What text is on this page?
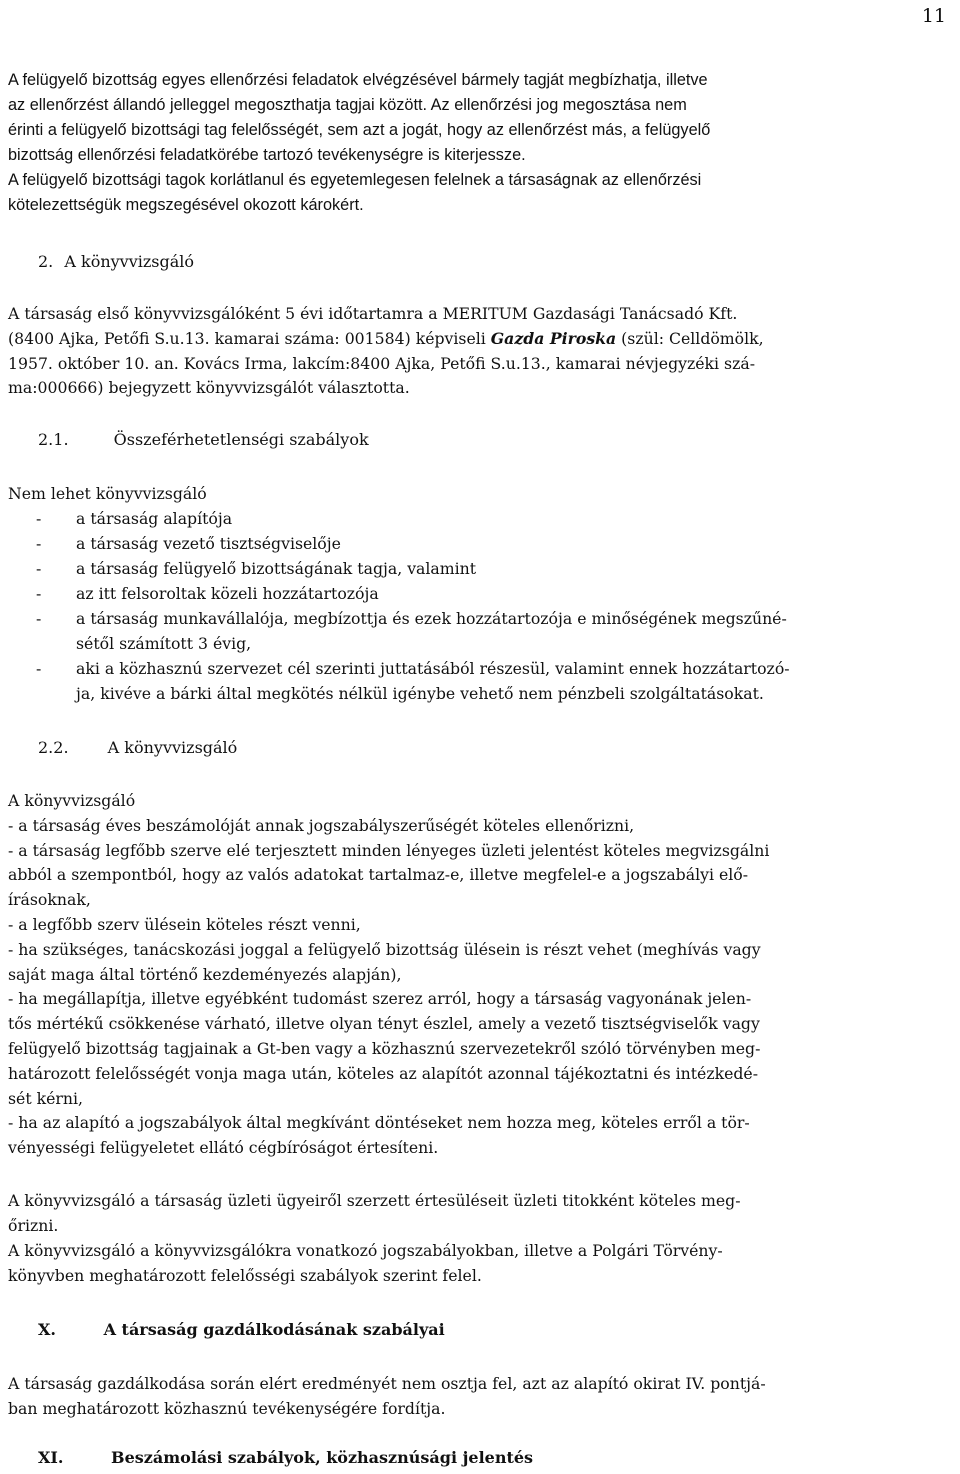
11
A felügyelő bizottság egyes ellenőrzési feladatok elvégzésével bármely tagját megbízhatja, illetve
az ellenőrzést állandó jelleggel megoszthatja tagjai között. Az ellenőrzési jog megosztása nem
érinti a felügyelő bizottsági tag felelősségét, sem azt a jogát, hogy az ellenőrzést más, a felügyelő
bizottság ellenőrzési feladatkörébe tartozó tevékenységre is kiterjessze.
A felügyelő bizottsági tagok korlátlanul és egyetemlegesen felelnek a társaságnak az ellenőrzési
kötelezettségük megszegésével okozott károkért.
2. A könyvvizsgáló
A társaság első könyvvizsgálóként 5 évi időtartamra a MERITUM Gazdasági Tanácsadó Kft.
(8400 Ajka, Petőfi S.u.13. kamarai száma: 001584) képviseli Gazda Piroska (szül: Celldömölk,
1957. október 10. an. Kovács Irma, lakcím:8400 Ajka, Petőfi S.u.13., kamarai névjegyzéki szá-
ma:000666) bejegyzett könyvvizsgálót választotta.
2.1.	Összeférhetetlenségi szabályok
Nem lehet könyvvizsgáló
- a társaság alapítója
- a társaság vezető tisztségviselője
- a társaság felügyelő bizottságának tagja, valamint
- az itt felsoroltak közeli hozzátartozója
- a társaság munkavállalója, megbízottja és ezek hozzátartozója e minőségének megszűné-
sétől számított 3 évig,
- aki a közhasznú szervezet cél szerinti juttatásából részesül, valamint ennek hozzátartozó-
ja, kivéve a bárki által megkötés nélkül igénybe vehető nem pénzbeli szolgáltatásokat.
2.2. A könyvvizsgáló
A könyvvizsgáló
- a társaság éves beszámolóját annak jogszabályszerűségét köteles ellenőrizni,
- a társaság legfőbb szerve elé terjesztett minden lényeges üzleti jelentést köteles megvizsgálni
abból a szempontból, hogy az valós adatokat tartalmaz-e, illetve megfelel-e a jogszabályi elő-
írásoknak,
- a legfőbb szerv ülésein köteles részt venni,
- ha szükséges, tanácskozási joggal a felügyelő bizottság ülésein is részt vehet (meghívás vagy
saját maga által történő kezdeményezés alapján),
- ha megállapítja, illetve egyébként tudomást szerez arról, hogy a társaság vagyonának jelen-
tős mértékű csökkenése várható, illetve olyan tényt észlel, amely a vezető tisztségviselők vagy
felügyelő bizottság tagjainak a Gt-ben vagy a közhasznú szervezetekről szóló törvényben meg-
határozott felelősségét vonja maga után, köteles az alapítót azonnal tájékoztatni és intézkedé-
sét kérni,
- ha az alapító a jogszabályok által megkívánt döntéseket nem hozza meg, köteles erről a tör-
vényességi felügyeletet ellátó cégbíróságot értesíteni.
A könyvvizsgáló a társaság üzleti ügyeiről szerzett értesüléseit üzleti titokként köteles meg-
őrizni.
A könyvvizsgáló a könyvvizsgálókra vonatkozó jogszabályokban, illetve a Polgári Törvény-
könyvben meghatározott felelősségi szabályok szerint felel.
X.	A társaság gazdálkodásának szabályai
A társaság gazdálkodása során elért eredményét nem osztja fel, azt az alapító okirat IV. pontjá-
ban meghatározott közhasznú tevékenységére fordítja.
XI.	Beszámolási szabályok, közhasznúsági jelentés
